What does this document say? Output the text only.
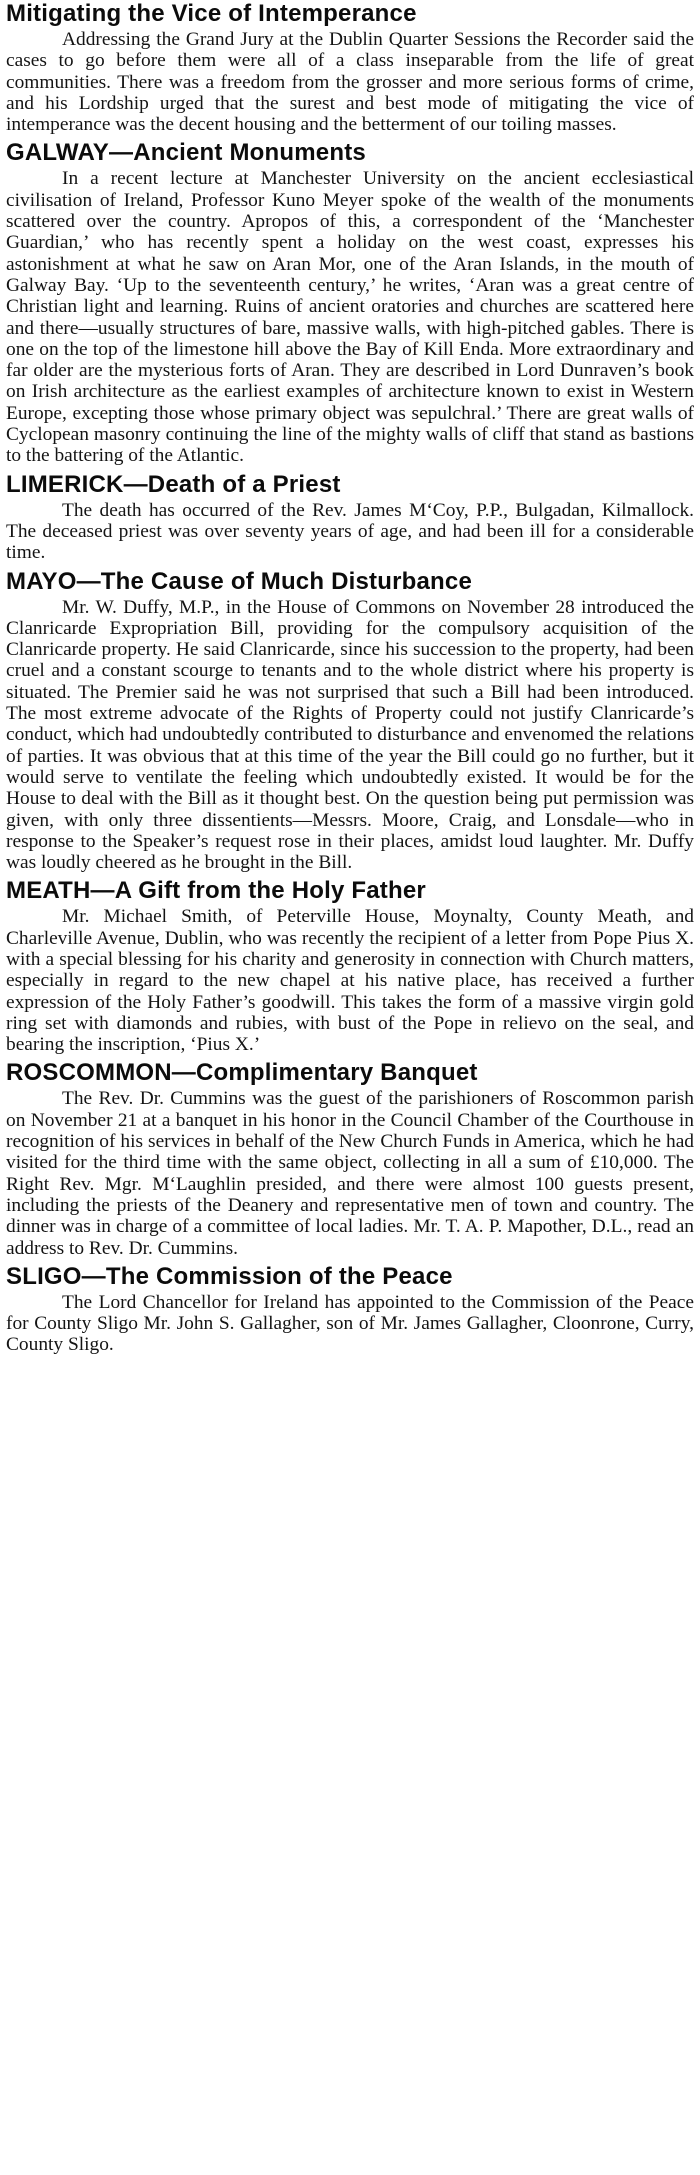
Mitigating the Vice of Intemperance

Addressing the Grand Jury at the Dublin Quarter Sessions the Recorder said the cases to go before them were all of a class inseparable from the life of great communities. There was a freedom from the grosser and more serious forms of crime, and his Lordship urged that the surest and best mode of mitigating the vice of intemperance was the decent housing and the betterment of our toiling masses.

GALWAY—Ancient Monuments

In a recent lecture at Manchester University on the ancient ecclesiastical civilisation of Ireland, Professor Kuno Meyer spoke of the wealth of the monuments scattered over the country. Apropos of this, a correspondent of the ‘Manchester Guardian,’ who has recently spent a holiday on the west coast, expresses his astonishment at what he saw on Aran Mor, one of the Aran Islands, in the mouth of Galway Bay. ‘Up to the seventeenth century,’ he writes, ‘Aran was a great centre of Christian light and learning. Ruins of ancient oratories and churches are scattered here and there—usually structures of bare, massive walls, with high-pitched gables. There is one on the top of the limestone hill above the Bay of Kill Enda. More extraordinary and far older are the mysterious forts of Aran. They are described in Lord Dunraven’s book on Irish architecture as the earliest examples of architecture known to exist in Western Europe, excepting those whose primary object was sepulchral.’ There are great walls of Cyclopean masonry continuing the line of the mighty walls of cliff that stand as bastions to the battering of the Atlantic.

LIMERICK—Death of a Priest

The death has occurred of the Rev. James M‘Coy, P.P., Bulgadan, Kilmallock. The deceased priest was over seventy years of age, and had been ill for a considerable time.

MAYO—The Cause of Much Disturbance

Mr. W. Duffy, M.P., in the House of Commons on November 28 introduced the Clanricarde Expropriation Bill, providing for the compulsory acquisition of the Clanricarde property. He said Clanricarde, since his succession to the property, had been cruel and a constant scourge to tenants and to the whole district where his property is situated. The Premier said he was not surprised that such a Bill had been introduced. The most extreme advocate of the Rights of Property could not justify Clanricarde’s conduct, which had undoubtedly contributed to disturbance and envenomed the relations of parties. It was obvious that at this time of the year the Bill could go no further, but it would serve to ventilate the feeling which undoubtedly existed. It would be for the House to deal with the Bill as it thought best. On the question being put permission was given, with only three dissentients—Messrs. Moore, Craig, and Lonsdale—who in response to the Speaker’s request rose in their places, amidst loud laughter. Mr. Duffy was loudly cheered as he brought in the Bill.

MEATH—A Gift from the Holy Father

Mr. Michael Smith, of Peterville House, Moynalty, County Meath, and Charleville Avenue, Dublin, who was recently the recipient of a letter from Pope Pius X. with a special blessing for his charity and generosity in connection with Church matters, especially in regard to the new chapel at his native place, has received a further expression of the Holy Father’s goodwill. This takes the form of a massive virgin gold ring set with diamonds and rubies, with bust of the Pope in relievo on the seal, and bearing the inscription, ‘Pius X.’

ROSCOMMON—Complimentary Banquet

The Rev. Dr. Cummins was the guest of the parishioners of Roscommon parish on November 21 at a banquet in his honor in the Council Chamber of the Courthouse in recognition of his services in behalf of the New Church Funds in America, which he had visited for the third time with the same object, collecting in all a sum of £10,000. The Right Rev. Mgr. M‘Laughlin presided, and there were almost 100 guests present, including the priests of the Deanery and representative men of town and country. The dinner was in charge of a committee of local ladies. Mr. T. A. P. Mapother, D.L., read an address to Rev. Dr. Cummins.

SLIGO—The Commission of the Peace

The Lord Chancellor for Ireland has appointed to the Commission of the Peace for County Sligo Mr. John S. Gallagher, son of Mr. James Gallagher, Cloonrone, Curry, County Sligo.
